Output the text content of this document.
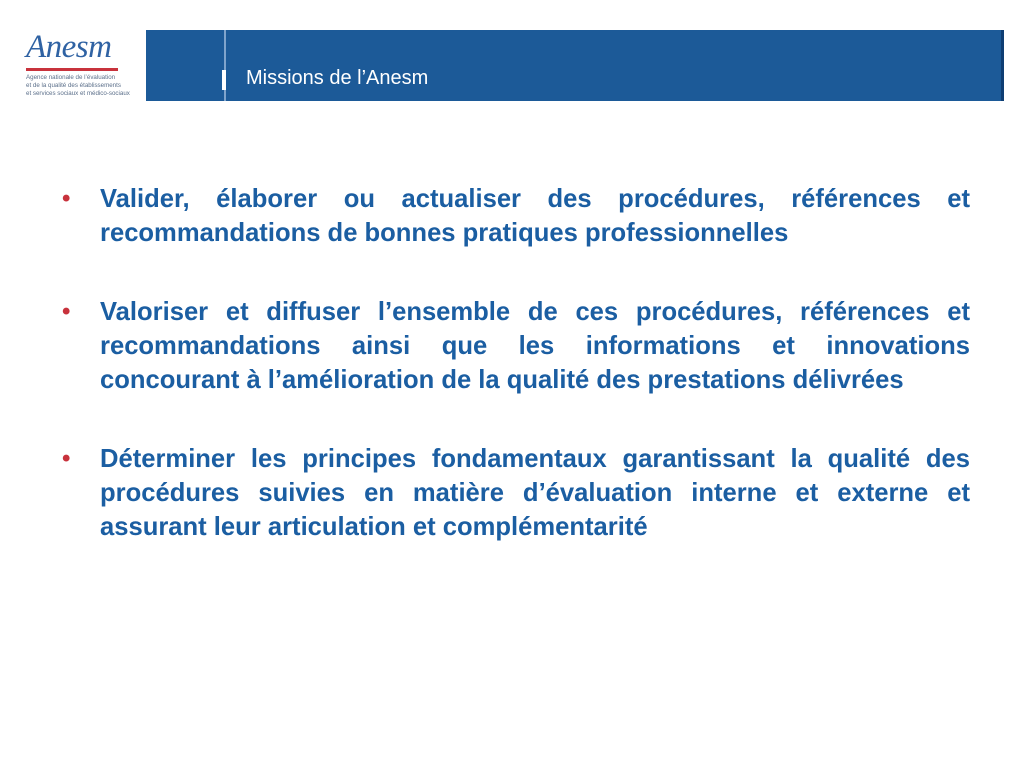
Anesm
Agence nationale de l’évaluation
et de la qualité des établissements
et services sociaux et médico-sociaux
Missions de l’Anesm
•	Valider, élaborer ou actualiser des procédures, références et recommandations de bonnes pratiques professionnelles
•	Valoriser et diffuser l’ensemble de ces procédures, références et recommandations ainsi que les informations et innovations concourant à l’amélioration de la qualité des prestations délivrées
•	Déterminer les principes fondamentaux garantissant la qualité des procédures suivies en matière d’évaluation interne et externe et assurant leur articulation et complémentarité
